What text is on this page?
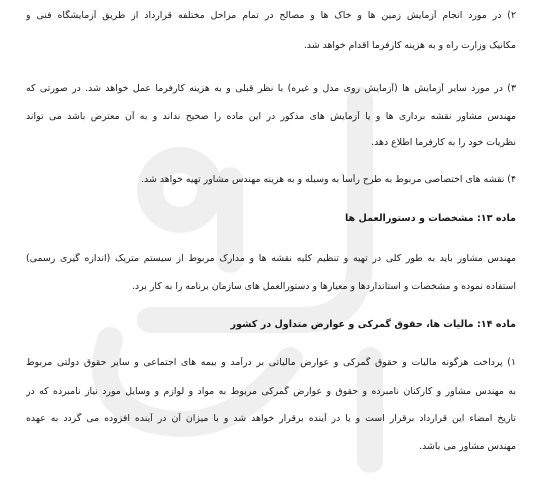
۲) در مورد انجام آزمایش زمین ها و خاک ها و مصالح در تمام مراحل مختلفه قرارداد از طریق آزمایشگاه فنی و
مکانیک وزارت راه و به هزینه کارفرما اقدام خواهد شد.
۳) در مورد سایر آزمایش ها (آزمایش روی مدل و غیره) با نظر قبلی و به هزینه کارفرما عمل خواهد شد. در صورتی که
مهندس مشاور نقشه برداری ها و یا آزمایش های مذکور در این ماده را صحیح نداند و به آن معترض باشد می تواند
نظریات خود را به کارفرما اطلاع دهد.
۴) نقشه های اختصاصی مربوط به طرح رأساً به وسیله و به هزینه مهندس مشاور تهیه خواهد شد.
ماده ۱۳: مشخصات و دستورالعمل ها
مهندس مشاور باید به طور کلی در تهیه و تنظیم کلیه نقشه ها و مدارک مربوط از سیستم متریک (اندازه گیری رسمی)
استفاده نموده و مشخصات و استانداردها و معیارها و دستورالعمل های سازمان برنامه را به کار برد.
ماده ۱۴: مالیات ها، حقوق گمرکی و عوارض متداول در کشور
۱) پرداخت هرگونه مالیات و حقوق گمرکی و عوارض مالیاتی بر درآمد و بیمه های اجتماعی و سایر حقوق دولتی مربوط
به مهندس مشاور و کارکنان نامبرده و حقوق و عوارض گمرکی مربوط به مواد و لوازم و وسایل مورد نیاز نامبرده که در
تاریخ امضاء این قرارداد برقرار است و یا در آینده برقرار خواهد شد و با میزان آن در آینده افزوده می گردد به عهده
مهندس مشاور می باشد.
